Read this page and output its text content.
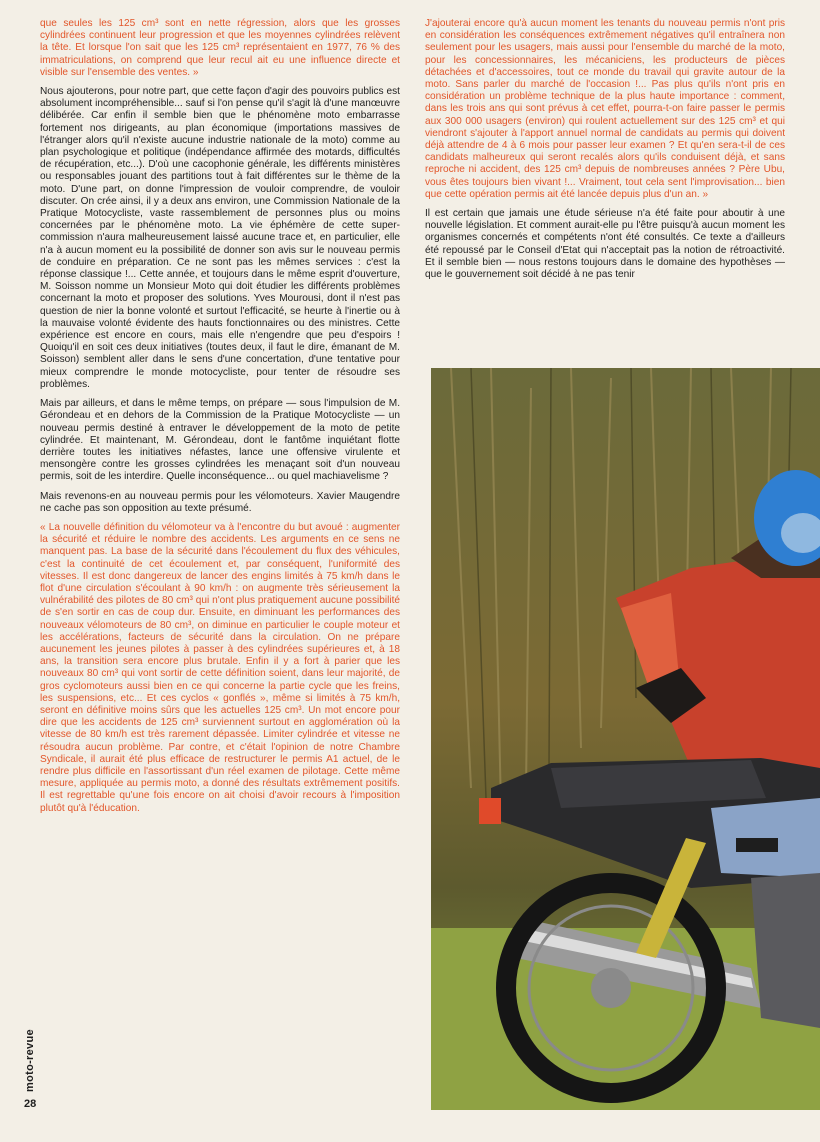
que seules les 125 cm³ sont en nette régression, alors que les grosses cylindrées continuent leur progression et que les moyennes cylindrées relèvent la tête. Et lorsque l'on sait que les 125 cm³ représentaient en 1977, 76 % des immatriculations, on comprend que leur recul ait eu une influence directe et visible sur l'ensemble des ventes. »

Nous ajouterons, pour notre part, que cette façon d'agir des pouvoirs publics est absolument incompréhensible... sauf si l'on pense qu'il s'agit là d'une manœuvre délibérée. Car enfin il semble bien que le phénomène moto embarrasse fortement nos dirigeants, au plan économique (importations massives de l'étranger alors qu'il n'existe aucune industrie nationale de la moto) comme au plan psychologique et politique (indépendance affirmée des motards, difficultés de récupération, etc...). D'où une cacophonie générale, les différents ministères ou responsables jouant des partitions tout à fait différentes sur le thème de la moto. D'une part, on donne l'impression de vouloir comprendre, de vouloir discuter. On crée ainsi, il y a deux ans environ, une Commission Nationale de la Pratique Motocycliste, vaste rassemblement de personnes plus ou moins concernées par le phénomène moto. La vie éphémère de cette super-commission n'aura malheureusement laissé aucune trace et, en particulier, elle n'a à aucun moment eu la possibilité de donner son avis sur le nouveau permis de conduire en préparation. Ce ne sont pas les mêmes services : c'est la réponse classique !... Cette année, et toujours dans le même esprit d'ouverture, M. Soisson nomme un Monsieur Moto qui doit étudier les différents problèmes concernant la moto et proposer des solutions. Yves Mourousi, dont il n'est pas question de nier la bonne volonté et surtout l'efficacité, se heurte à l'inertie ou à la mauvaise volonté évidente des hauts fonctionnaires ou des ministres. Cette expérience est encore en cours, mais elle n'engendre que peu d'espoirs ! Quoiqu'il en soit ces deux initiatives (toutes deux, il faut le dire, émanant de M. Soisson) semblent aller dans le sens d'une concertation, d'une tentative pour mieux comprendre le monde motocycliste, pour tenter de résoudre ses problèmes.

Mais par ailleurs, et dans le même temps, on prépare — sous l'impulsion de M. Gérondeau et en dehors de la Commission de la Pratique Motocycliste — un nouveau permis destiné à entraver le développement de la moto de petite cylindrée. Et maintenant, M. Gérondeau, dont le fantôme inquiétant flotte derrière toutes les initiatives néfastes, lance une offensive virulente et mensongère contre les grosses cylindrées les menaçant soit d'un nouveau permis, soit de les interdire. Quelle inconséquence... ou quel machiavelisme ?

Mais revenons-en au nouveau permis pour les vélomoteurs. Xavier Maugendre ne cache pas son opposition au texte présumé.

« La nouvelle définition du vélomoteur va à l'encontre du but avoué : augmenter la sécurité et réduire le nombre des accidents. Les arguments en ce sens ne manquent pas. La base de la sécurité dans l'écoulement du flux des véhicules, c'est la continuité de cet écoulement et, par conséquent, l'uniformité des vitesses. Il est donc dangereux de lancer des engins limités à 75 km/h dans le flot d'une circulation s'écoulant à 90 km/h : on augmente très sérieusement la vulnérabilité des pilotes de 80 cm³ qui n'ont plus pratiquement aucune possibilité de s'en sortir en cas de coup dur. Ensuite, en diminuant les performances des nouveaux vélomoteurs de 80 cm³, on diminue en particulier le couple moteur et les accélérations, facteurs de sécurité dans la circulation. On ne prépare aucunement les jeunes pilotes à passer à des cylindrées supérieures et, à 18 ans, la transition sera encore plus brutale. Enfin il y a fort à parier que les nouveaux 80 cm³ qui vont sortir de cette définition soient, dans leur majorité, de gros cyclomoteurs aussi bien en ce qui concerne la partie cycle que les freins, les suspensions, etc... Et ces cyclos « gonflés », même si limités à 75 km/h, seront en définitive moins sûrs que les actuelles 125 cm³. Un mot encore pour dire que les accidents de 125 cm³ surviennent surtout en agglomération où la vitesse de 80 km/h est très rarement dépassée. Limiter cylindrée et vitesse ne résoudra aucun problème. Par contre, et c'était l'opinion de notre Chambre Syndicale, il aurait été plus efficace de restructurer le permis A1 actuel, de le rendre plus difficile en l'assortissant d'un réel examen de pilotage. Cette même mesure, appliquée au permis moto, a donné des résultats extrêmement positifs. Il est regrettable qu'une fois encore on ait choisi d'avoir recours à l'imposition plutôt qu'à l'éducation.

J'ajouterai encore qu'à aucun moment les tenants du nouveau permis n'ont pris en considération les conséquences extrêmement négatives qu'il entraînera non seulement pour les usagers, mais aussi pour l'ensemble du marché de la moto, pour les concessionnaires, les mécaniciens, les producteurs de pièces détachées et d'accessoires, tout ce monde du travail qui gravite autour de la moto. Sans parler du marché de l'occasion !... Pas plus qu'ils n'ont pris en considération un problème technique de la plus haute importance : comment, dans les trois ans qui sont prévus à cet effet, pourra-t-on faire passer le permis aux 300 000 usagers (environ) qui roulent actuellement sur des 125 cm³ et qui viendront s'ajouter à l'apport annuel normal de candidats au permis qui doivent déjà attendre de 4 à 6 mois pour passer leur examen ? Et qu'en sera-t-il de ces candidats malheureux qui seront recalés alors qu'ils conduisent déjà, et sans reproche ni accident, des 125 cm³ depuis de nombreuses années ? Père Ubu, vous êtes toujours bien vivant !... Vraiment, tout cela sent l'improvisation... bien que cette opération permis ait été lancée depuis plus d'un an. »

Il est certain que jamais une étude sérieuse n'a été faite pour aboutir à une nouvelle législation. Et comment aurait-elle pu l'être puisqu'à aucun moment les organismes concernés et compétents n'ont été consultés. Ce texte a d'ailleurs été repoussé par le Conseil d'Etat qui n'acceptait pas la notion de rétroactivité. Et il semble bien — nous restons toujours dans le domaine des hypothèses — que le gouvernement soit décidé à ne pas tenir

moto-revue
28
